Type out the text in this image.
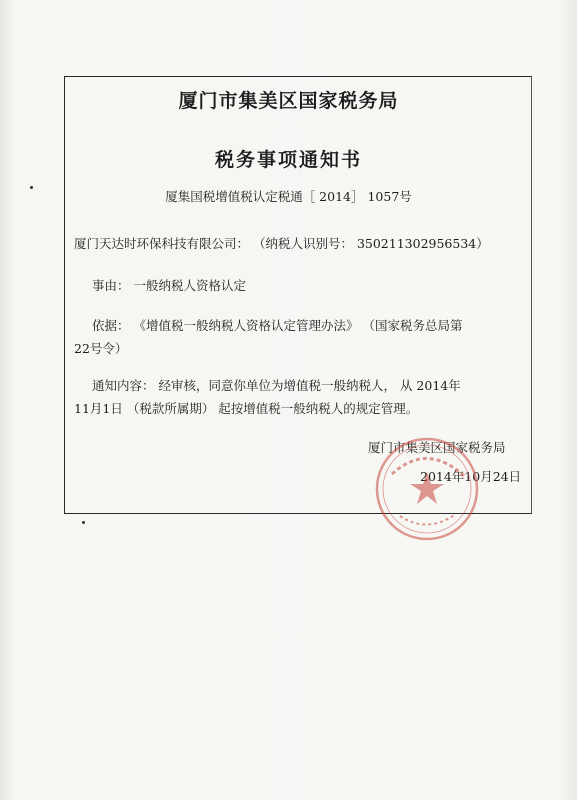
厦门市集美区国家税务局
税务事项通知书
厦集国税增值税认定税通［ 2014］ 1057号
厦门天达时环保科技有限公司： （纳税人识别号： 350211302956534）
事由： 一般纳税人资格认定
依据： 《增值税一般纳税人资格认定管理办法》 （国家税务总局第
22号令）
通知内容： 经审核，同意你单位为增值税一般纳税人， 从 2014年
11月1日 （税款所属期） 起按增值税一般纳税人的规定管理。
厦门市集美区国家税务局
2014年10月24日
